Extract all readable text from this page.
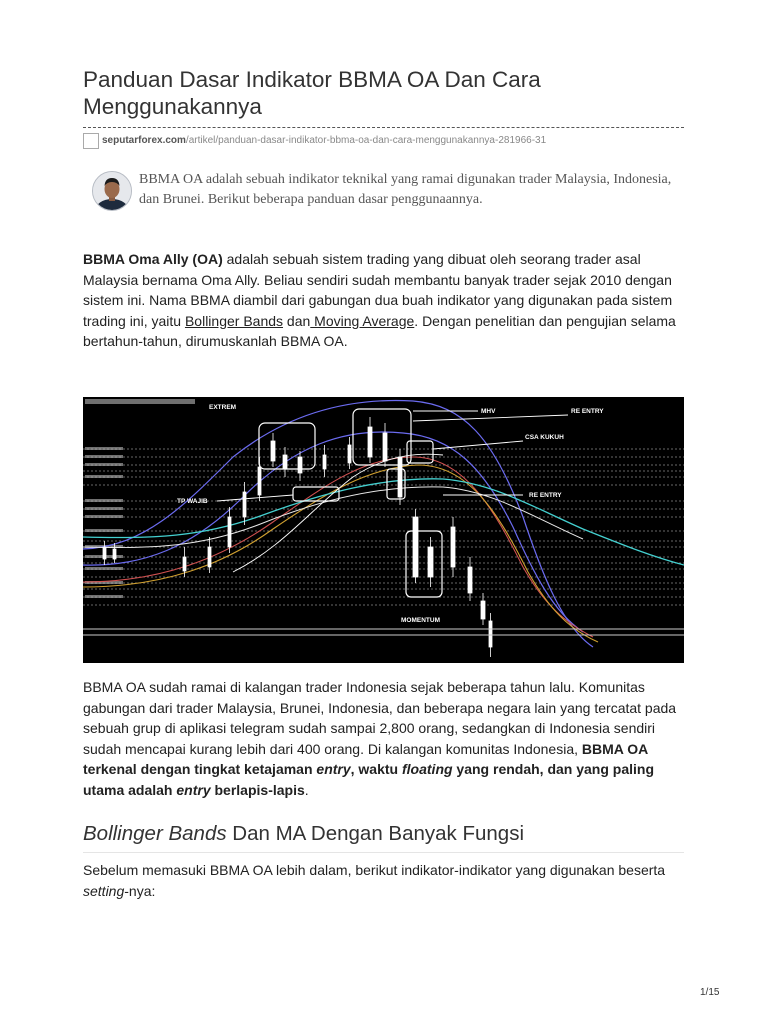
Panduan Dasar Indikator BBMA OA Dan Cara Menggunakannya
seputarforex.com /artikel/panduan-dasar-indikator-bbma-oa-dan-cara-menggunakannya-281966-31
BBMA OA adalah sebuah indikator teknikal yang ramai digunakan trader Malaysia, Indonesia, dan Brunei. Berikut beberapa panduan dasar penggunaannya.

BBMA Oma Ally (OA) adalah sebuah sistem trading yang dibuat oleh seorang trader asal Malaysia bernama Oma Ally. Beliau sendiri sudah membantu banyak trader sejak 2010 dengan sistem ini. Nama BBMA diambil dari gabungan dua buah indikator yang digunakan pada sistem trading ini, yaitu Bollinger Bands dan Moving Average. Dengan penelitian dan pengujian selama bertahun-tahun, dirumuskanlah BBMA OA.

EXTREM
MHV	RE ENTRY
CSA KUKUH
TP WAJIB
RE ENTRY
MOMENTUM

BBMA OA sudah ramai di kalangan trader Indonesia sejak beberapa tahun lalu. Komunitas gabungan dari trader Malaysia, Brunei, Indonesia, dan beberapa negara lain yang tercatat pada sebuah grup di aplikasi telegram sudah sampai 2,800 orang, sedangkan di Indonesia sendiri sudah mencapai kurang lebih dari 400 orang. Di kalangan komunitas Indonesia, BBMA OA terkenal dengan tingkat ketajaman entry, waktu floating yang rendah, dan yang paling utama adalah entry berlapis-lapis.

Bollinger Bands Dan MA Dengan Banyak Fungsi

Sebelum memasuki BBMA OA lebih dalam, berikut indikator-indikator yang digunakan beserta setting-nya:

1/15
